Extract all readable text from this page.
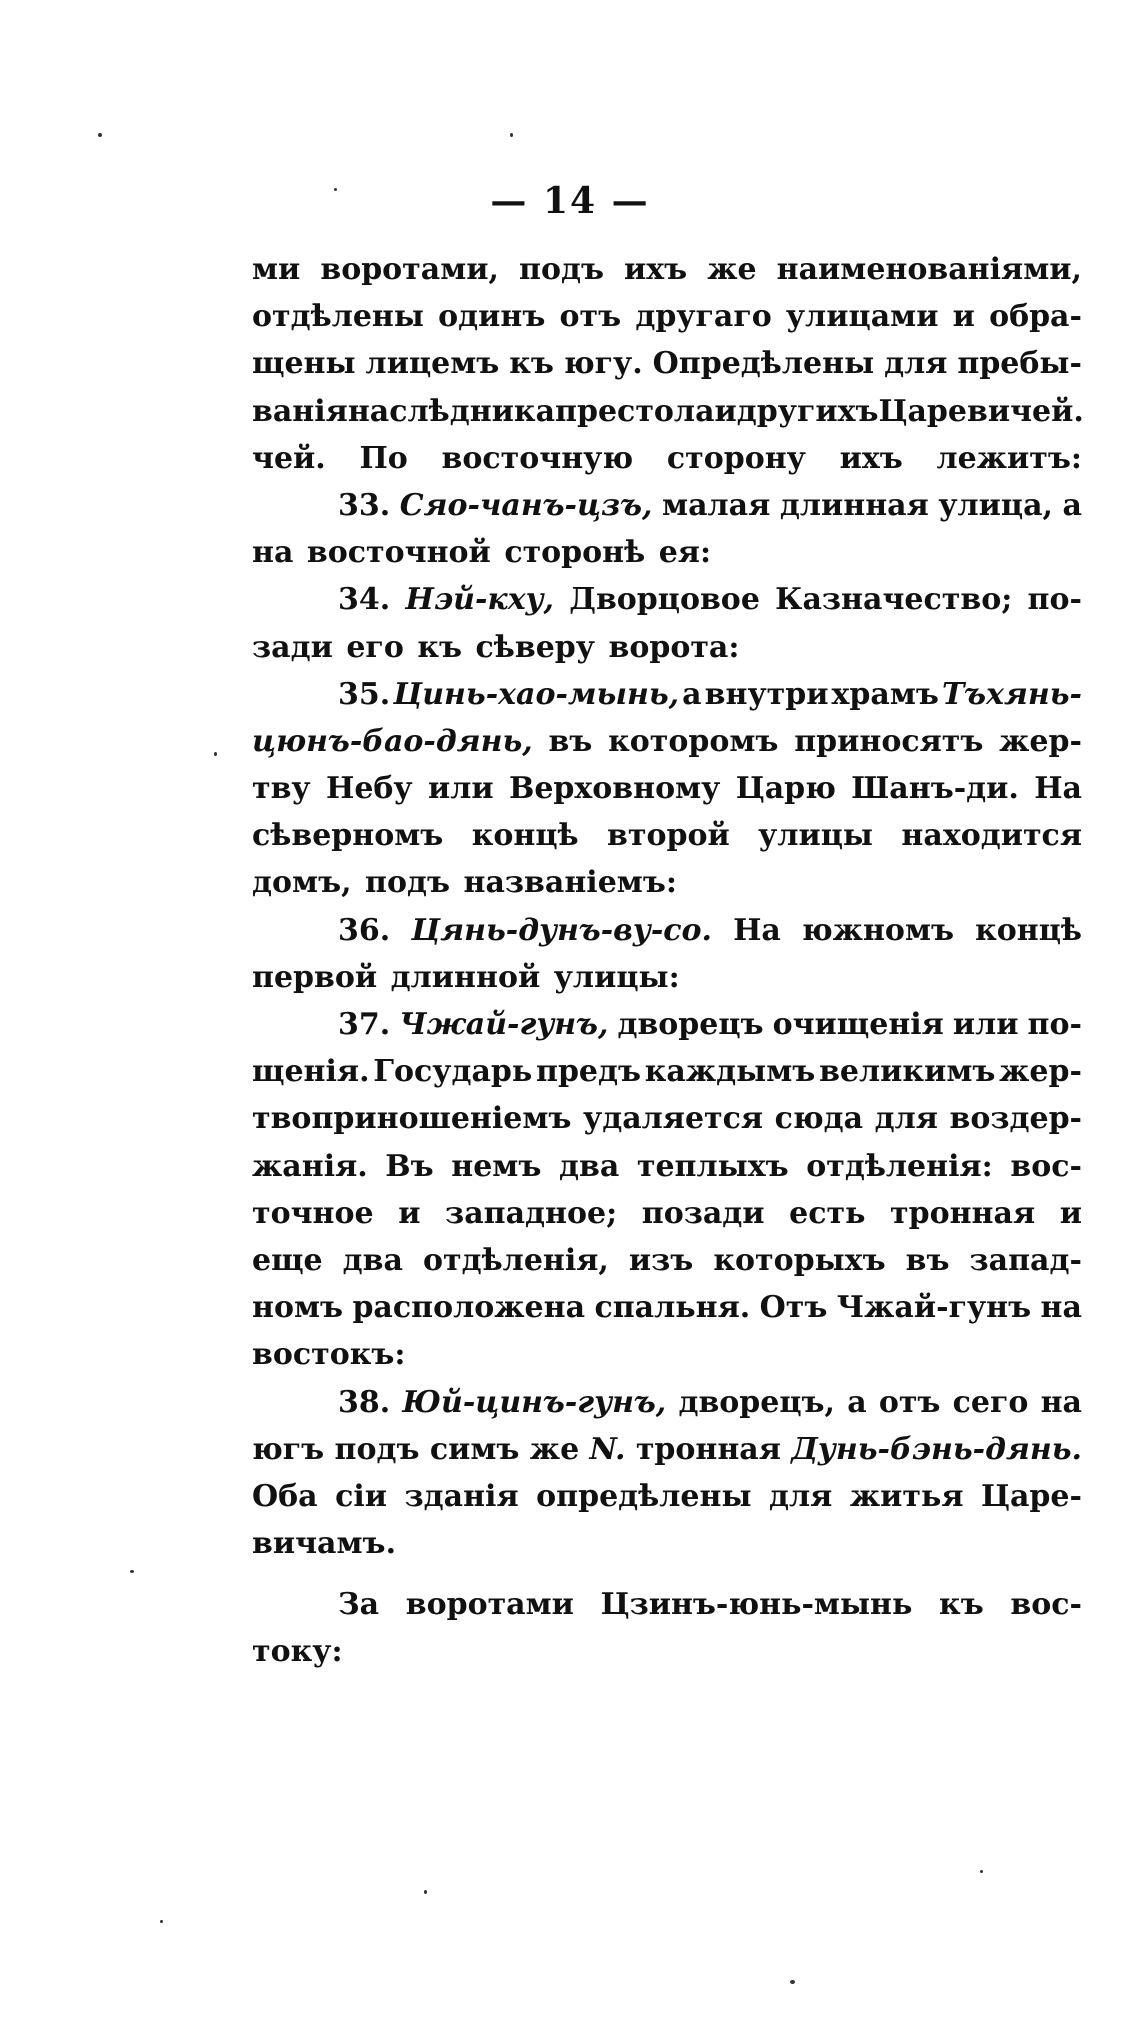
— 14 —
ми воротами, подъ ихъ же наименованіями,
отдѣлены одинъ отъ другаго улицами и обра-
щены лицемъ къ югу. Опредѣлены для пребы-
ванія наслѣдника престола и другихъ Царевичей.
чей. По восточную сторону ихъ лежитъ:
33. Сяо-чанъ-цзъ, малая длинная улица, а
на восточной сторонѣ ея:
34. Нэй-кху, Дворцовое Казначество; по-
зади его къ сѣверу ворота:
35. Цинь-хао-мынь, а внутри храмъ Тъхянь-
цюнъ-бао-дянь, въ которомъ приносятъ жер-
тву Небу или Верховному Царю Шанъ-ди. На
сѣверномъ концѣ второй улицы находится
домъ, подъ названіемъ:
36. Цянь-дунъ-ву-со. На южномъ концѣ
первой длинной улицы:
37. Чжай-гунъ, дворецъ очищенія или по-
щенія. Государь предъ каждымъ великимъ жер-
твоприношеніемъ удаляется сюда для воздер-
жанія. Въ немъ два теплыхъ отдѣленія: вос-
точное и западное; позади есть тронная и
еще два отдѣленія, изъ которыхъ въ запад-
номъ расположена спальня. Отъ Чжай-гунъ на
востокъ:
38. Юй-цинъ-гунъ, дворецъ, а отъ сего на
югъ подъ симъ же N. тронная Дунь-бэнь-дянь.
Оба сіи зданія опредѣлены для житья Царе-
вичамъ.
За воротами Цзинъ-юнь-мынь къ вос-
току:
